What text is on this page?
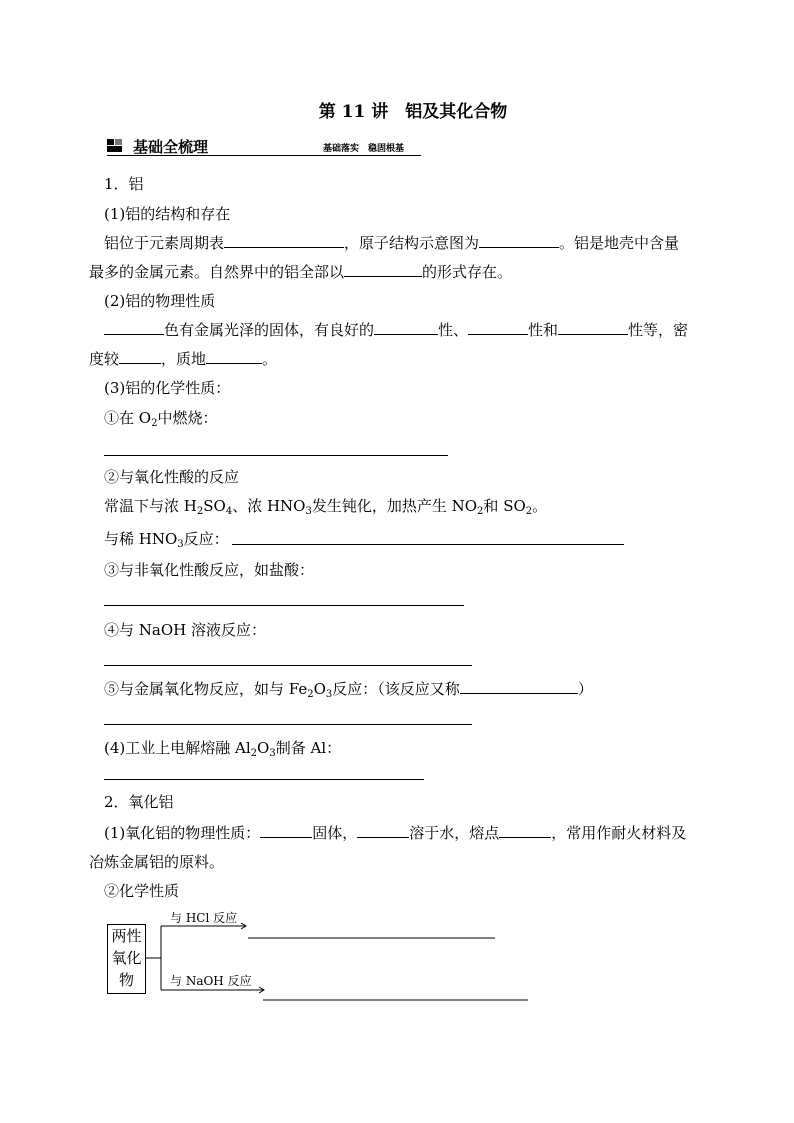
第 11 讲　铝及其化合物
基础全梳理	基础落实　稳固根基
1．铝
(1)铝的结构和存在
铝位于元素周期表	，原子结构示意图为	。铝是地壳中含量
最多的金属元素。自然界中的铝全部以	的形式存在。
(2)铝的物理性质
色有金属光泽的固体，有良好的	性、	性和	性等，密
度较	，质地	。
(3)铝的化学性质：
①在 $O_2$中燃烧：
②与氧化性酸的反应
常温下与浓 $H_2SO_4$、浓 $HNO_3$发生钝化，加热产生 $NO_2$和 $SO_2$。
与稀 $HNO_3$反应：
③与非氧化性酸反应，如盐酸：
④与 NaOH 溶液反应：
⑤与金属氧化物反应，如与 $Fe_2O_3$反应：（该反应又称	）
(4)工业上电解熔融 $Al_2O_3$制备 Al：
2．氧化铝
(1)氧化铝的物理性质：	固体，	溶于水，熔点	，常用作耐火材料及
冶炼金属铝的原料。
②化学性质
两性
氧化
物
与 HCl 反应
与 NaOH 反应
